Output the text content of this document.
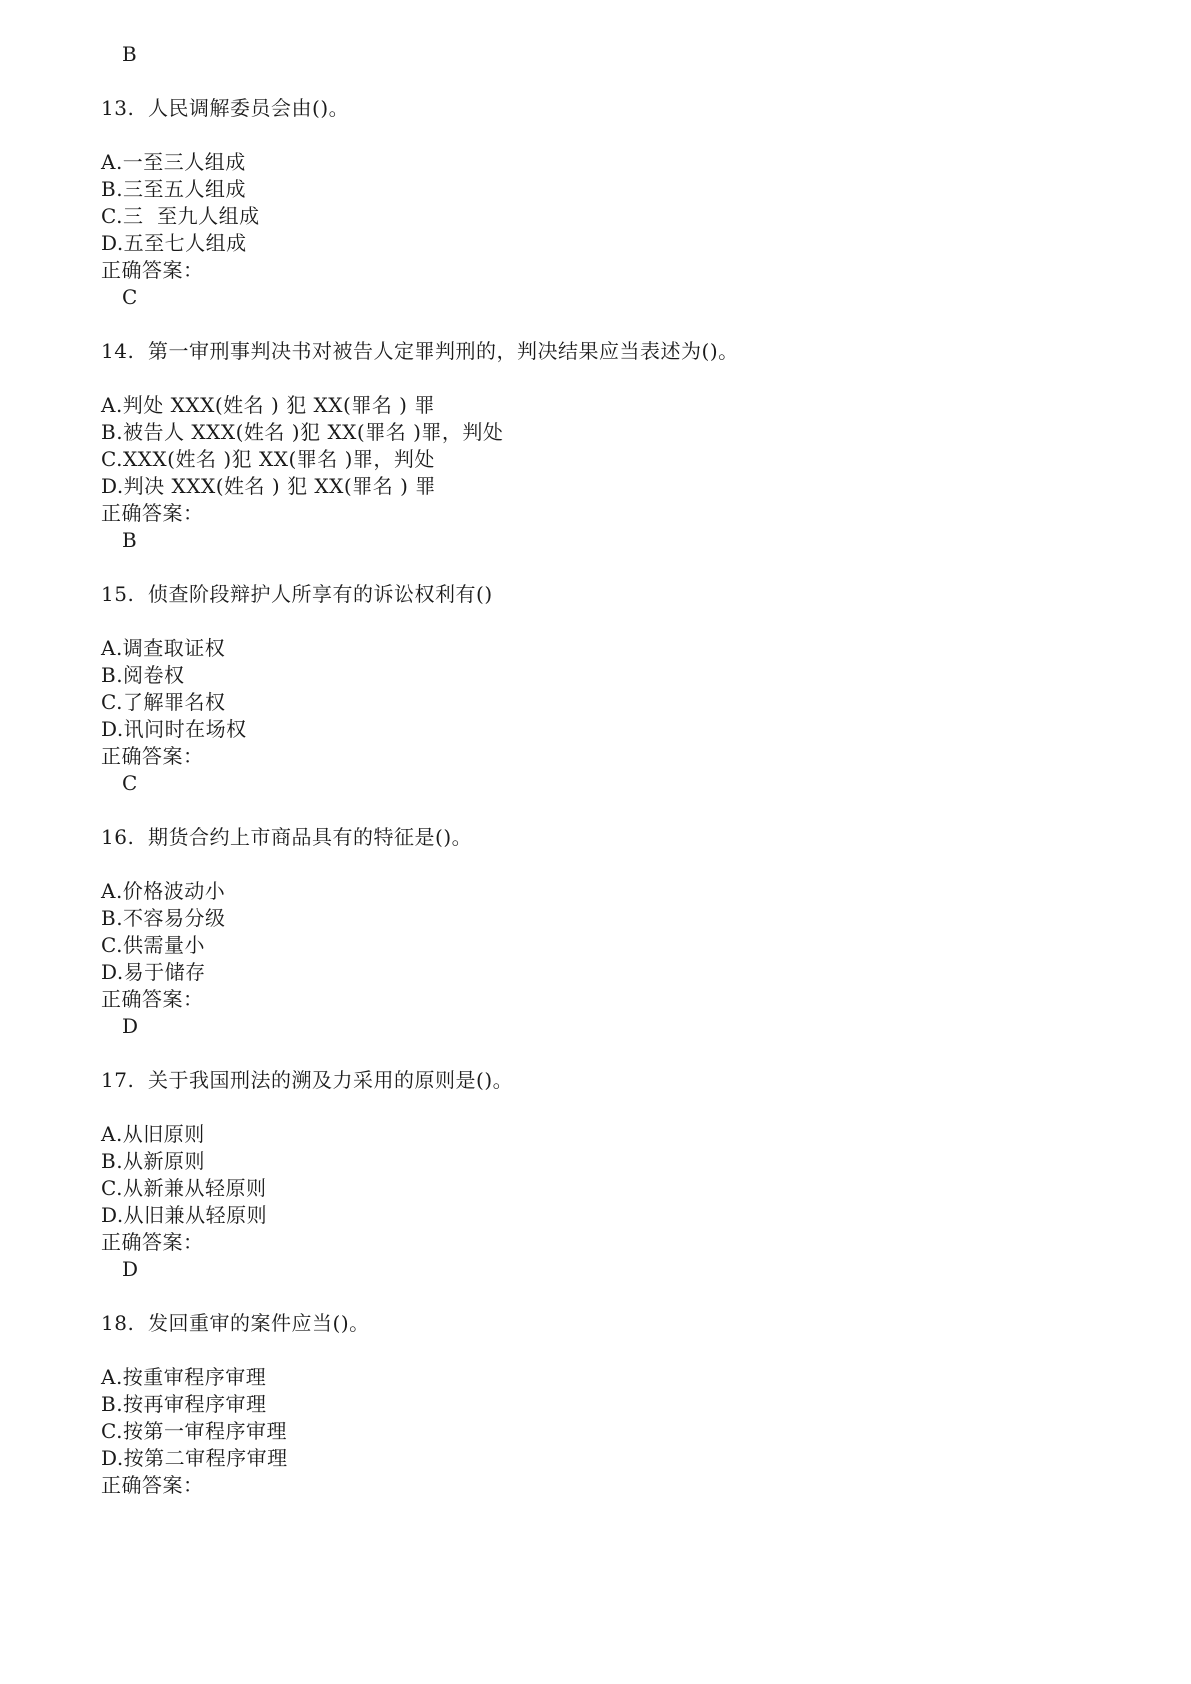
B
13.  人民调解委员会由()。
A.一至三人组成
B.三至五人组成
C.三  至九人组成
D.五至七人组成
正确答案：
C
14.  第一审刑事判决书对被告人定罪判刑的，判决结果应当表述为()。
A.判处 XXX(姓名 ) 犯 XX(罪名 ) 罪
B.被告人 XXX(姓名 )犯 XX(罪名 )罪，判处
C.XXX(姓名 )犯 XX(罪名 )罪，判处
D.判决 XXX(姓名 ) 犯 XX(罪名 ) 罪
正确答案：
B
15.  侦查阶段辩护人所享有的诉讼权利有()
A.调查取证权
B.阅卷权
C.了解罪名权
D.讯问时在场权
正确答案：
C
16.  期货合约上市商品具有的特征是()。
A.价格波动小
B.不容易分级
C.供需量小
D.易于储存
正确答案：
D
17.  关于我国刑法的溯及力采用的原则是()。
A.从旧原则
B.从新原则
C.从新兼从轻原则
D.从旧兼从轻原则
正确答案：
D
18.  发回重审的案件应当()。
A.按重审程序审理
B.按再审程序审理
C.按第一审程序审理
D.按第二审程序审理
正确答案：
